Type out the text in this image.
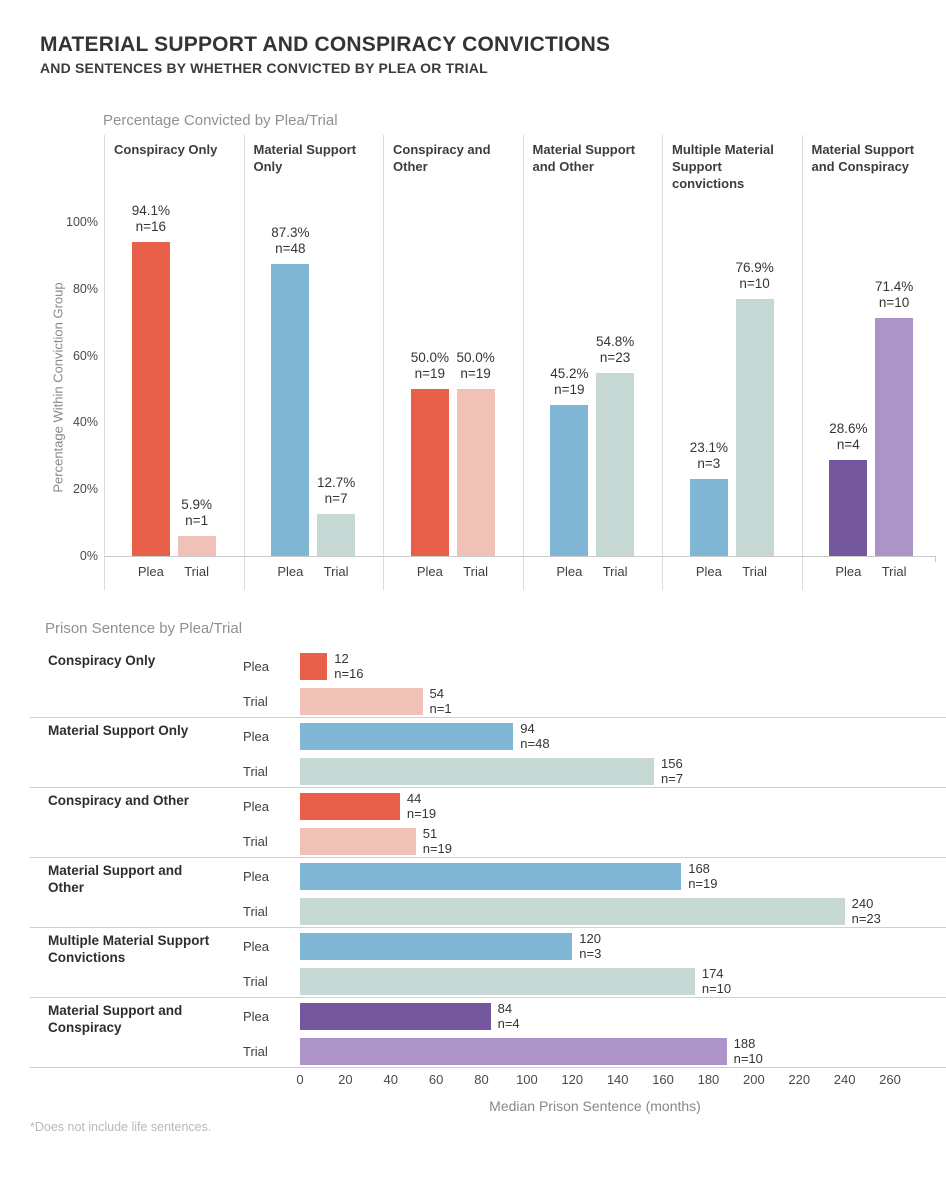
MATERIAL SUPPORT AND CONSPIRACY CONVICTIONS
AND SENTENCES BY WHETHER CONVICTED BY PLEA OR TRIAL
Percentage Convicted by Plea/Trial
Percentage Within Conviction Group
0%
20%
40%
60%
80%
100%
Conspiracy Only
94.1%
n=16
Plea
5.9%
n=1
Trial
Material Support Only
87.3%
n=48
Plea
12.7%
n=7
Trial
Conspiracy and Other
50.0%
n=19
Plea
50.0%
n=19
Trial
Material Support and Other
45.2%
n=19
Plea
54.8%
n=23
Trial
Multiple Material Support convictions
23.1%
n=3
Plea
76.9%
n=10
Trial
Material Support and Conspiracy
28.6%
n=4
Plea
71.4%
n=10
Trial
Prison Sentence by Plea/Trial
Conspiracy Only	Plea
12
n=16
Trial
54
n=1
Material Support Only	Plea
94
n=48
Trial
156
n=7
Conspiracy and Other	Plea
44
n=19
Trial
51
n=19
Material Support and Other
Plea
168
n=19
Trial
240
n=23
Multiple Material Support Convictions
Plea
120
n=3
Trial
174
n=10
Material Support and Conspiracy
Plea
84
n=4
Trial
188
n=10
0	20	40	60	80	100	120	140	160	180	200	220	240	260
Median Prison Sentence (months)
*Does not include life sentences.
